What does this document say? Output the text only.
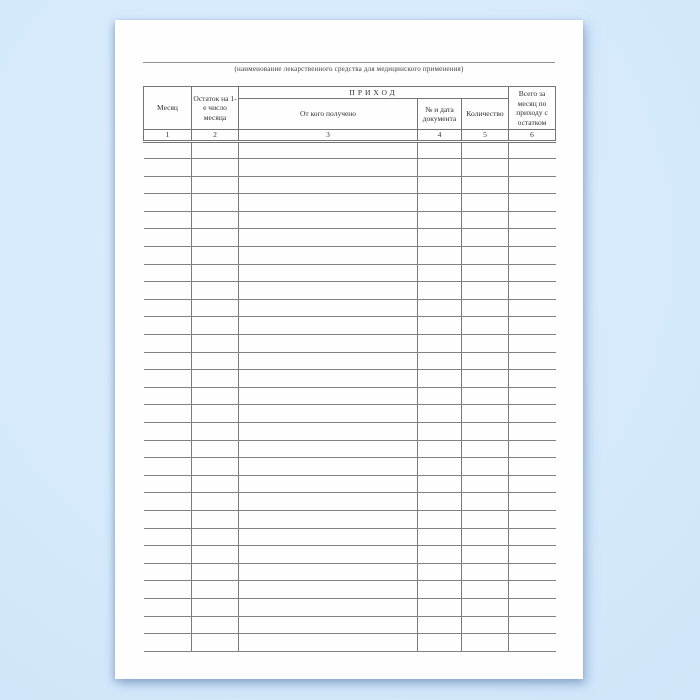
(наименование лекарственного средства для медицинского применения)
Месяц	Остаток на 1-е число месяца	ПРИХОД			Всего за месяц по приходу с остатком
		От кого получено	№ и дата документа	Количество	
1	2	3	4	5	6
